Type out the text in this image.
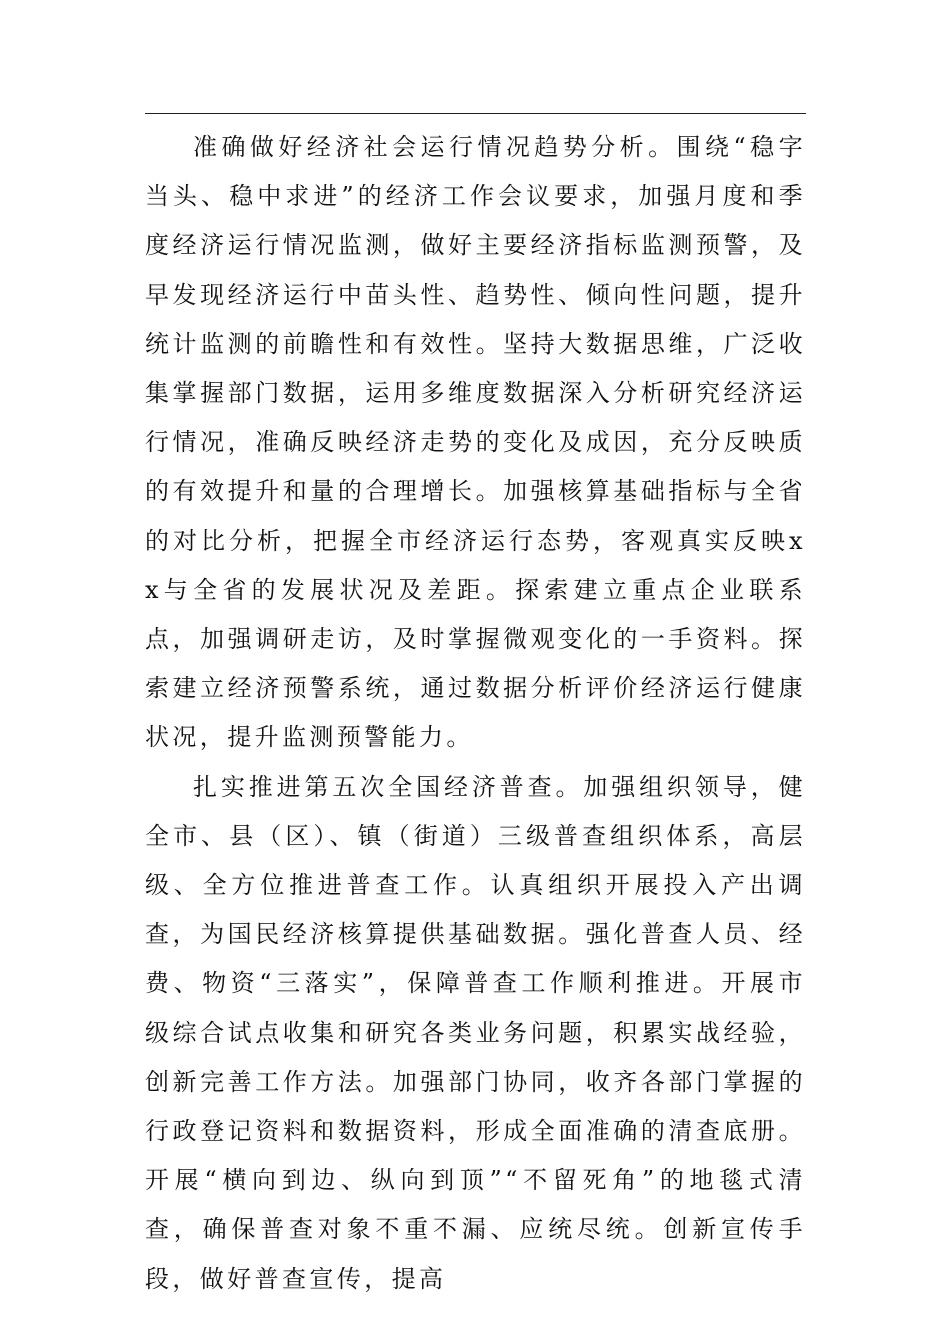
准确做好经济社会运行情况趋势分析。围绕“稳字当头、稳中求进”的经济工作会议要求，加强月度和季度经济运行情况监测，做好主要经济指标监测预警，及早发现经济运行中苗头性、趋势性、倾向性问题，提升统计监测的前瞻性和有效性。坚持大数据思维，广泛收集掌握部门数据，运用多维度数据深入分析研究经济运行情况，准确反映经济走势的变化及成因，充分反映质的有效提升和量的合理增长。加强核算基础指标与全省的对比分析，把握全市经济运行态势，客观真实反映xx与全省的发展状况及差距。探索建立重点企业联系点，加强调研走访，及时掌握微观变化的一手资料。探索建立经济预警系统，通过数据分析评价经济运行健康状况，提升监测预警能力。

扎实推进第五次全国经济普查。加强组织领导，健全市、县（区）、镇（街道）三级普查组织体系，高层级、全方位推进普查工作。认真组织开展投入产出调查，为国民经济核算提供基础数据。强化普查人员、经费、物资“三落实”，保障普查工作顺利推进。开展市级综合试点收集和研究各类业务问题，积累实战经验，创新完善工作方法。加强部门协同，收齐各部门掌握的行政登记资料和数据资料，形成全面准确的清查底册。开展“横向到边、纵向到顶”“不留死角”的地毯式清查，确保普查对象不重不漏、应统尽统。创新宣传手段，做好普查宣传，提高
